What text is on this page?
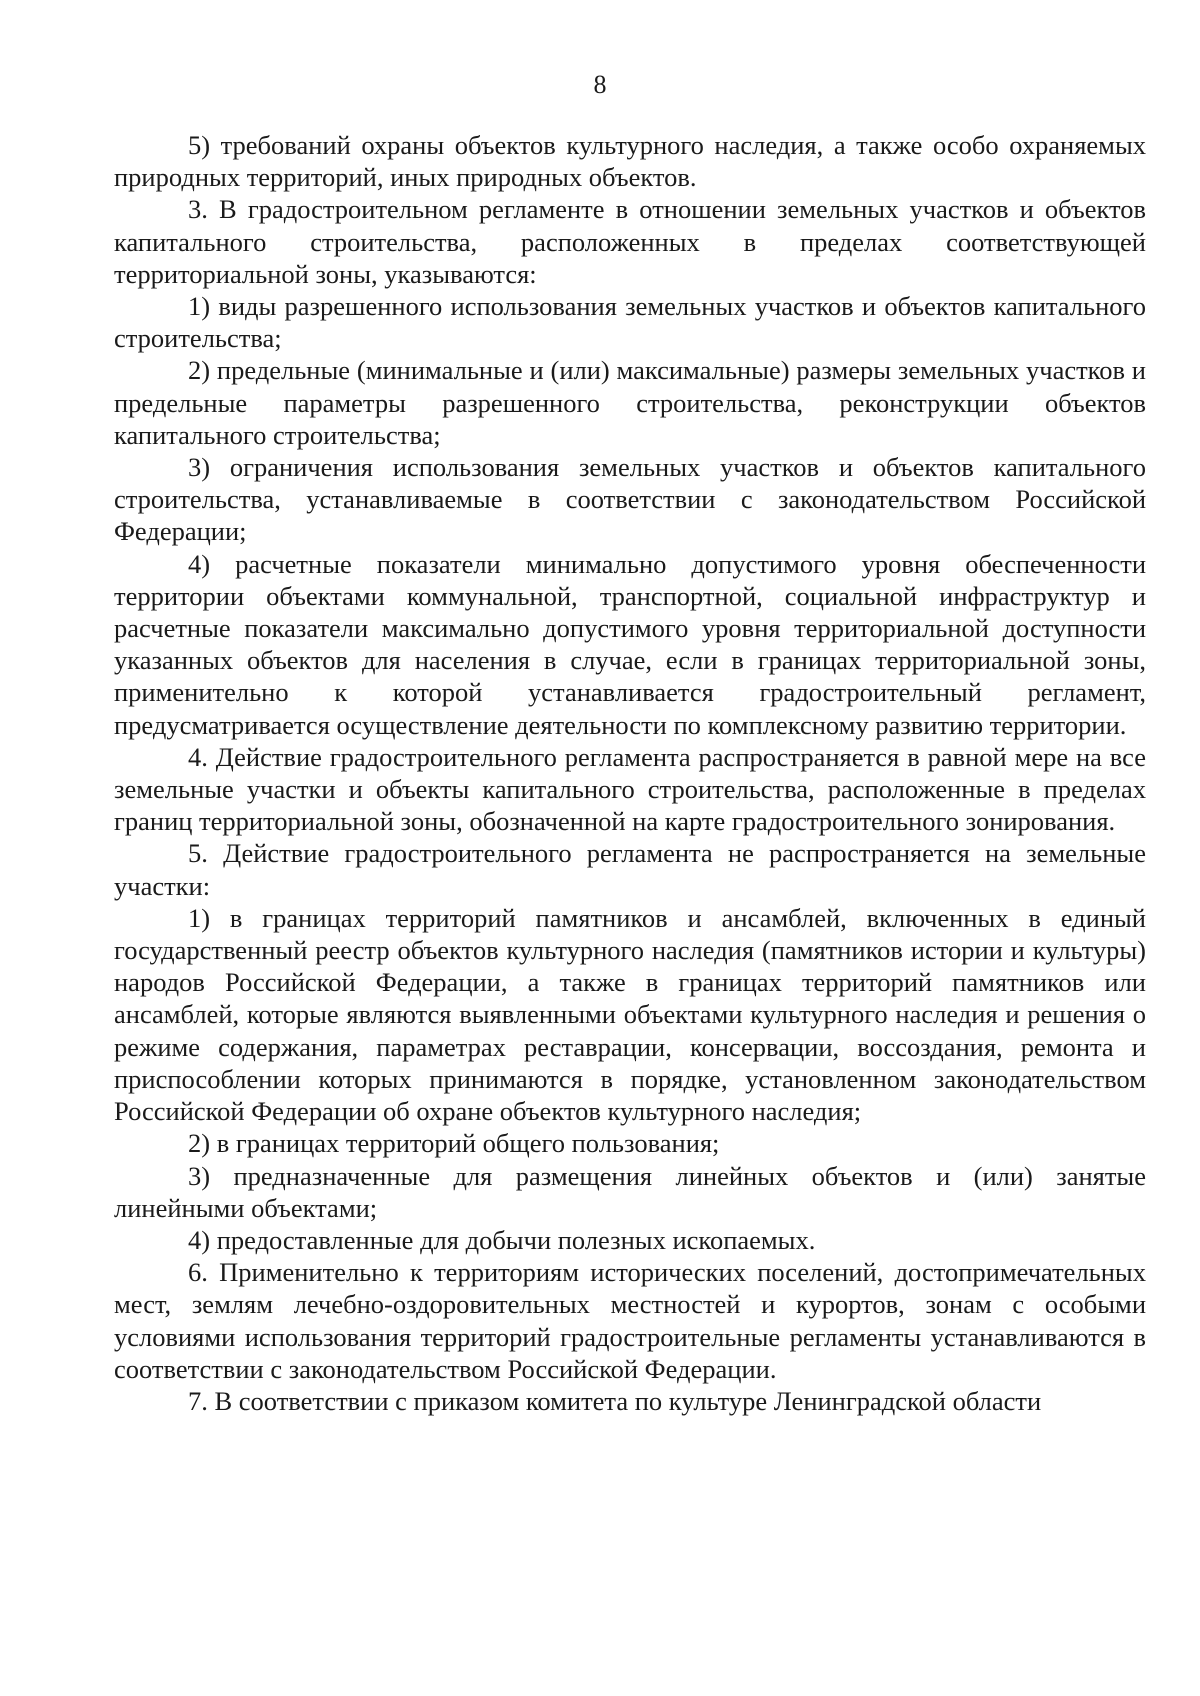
8

5) требований охраны объектов культурного наследия, а также особо охраняемых природных территорий, иных природных объектов.

3. В градостроительном регламенте в отношении земельных участков и объектов капитального строительства, расположенных в пределах соответствующей территориальной зоны, указываются:

1) виды разрешенного использования земельных участков и объектов капитального строительства;

2) предельные (минимальные и (или) максимальные) размеры земельных участков и предельные параметры разрешенного строительства, реконструкции объектов капитального строительства;

3) ограничения использования земельных участков и объектов капитального строительства, устанавливаемые в соответствии с законодательством Российской Федерации;

4) расчетные показатели минимально допустимого уровня обеспеченности территории объектами коммунальной, транспортной, социальной инфраструктур и расчетные показатели максимально допустимого уровня территориальной доступности указанных объектов для населения в случае, если в границах территориальной зоны, применительно к которой устанавливается градостроительный регламент, предусматривается осуществление деятельности по комплексному развитию территории.

4. Действие градостроительного регламента распространяется в равной мере на все земельные участки и объекты капитального строительства, расположенные в пределах границ территориальной зоны, обозначенной на карте градостроительного зонирования.

5. Действие градостроительного регламента не распространяется на земельные участки:

1) в границах территорий памятников и ансамблей, включенных в единый государственный реестр объектов культурного наследия (памятников истории и культуры) народов Российской Федерации, а также в границах территорий памятников или ансамблей, которые являются выявленными объектами культурного наследия и решения о режиме содержания, параметрах реставрации, консервации, воссоздания, ремонта и приспособлении которых принимаются в порядке, установленном законодательством Российской Федерации об охране объектов культурного наследия;

2) в границах территорий общего пользования;

3) предназначенные для размещения линейных объектов и (или) занятые линейными объектами;

4) предоставленные для добычи полезных ископаемых.

6. Применительно к территориям исторических поселений, достопримечательных мест, землям лечебно-оздоровительных местностей и курортов, зонам с особыми условиями использования территорий градостроительные регламенты устанавливаются в соответствии с законодательством Российской Федерации.

7. В соответствии с приказом комитета по культуре Ленинградской области
